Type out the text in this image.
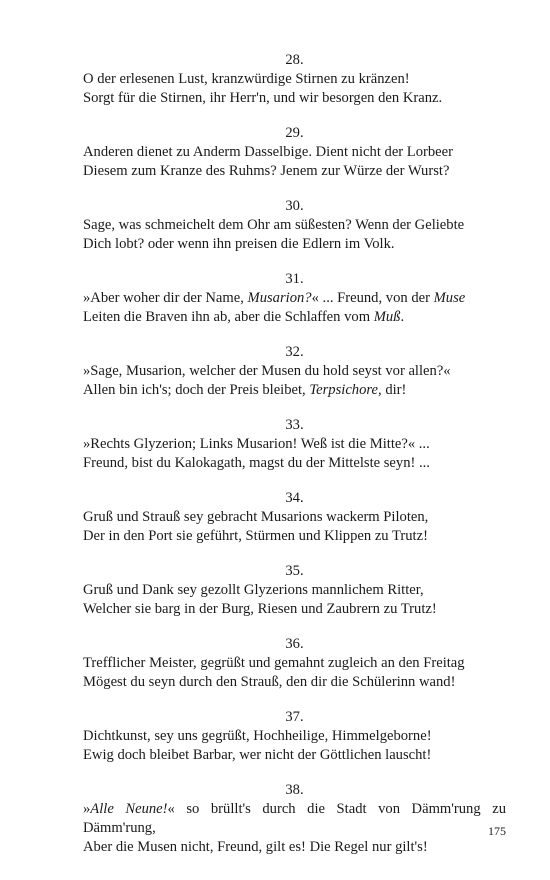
28.
O der erlesenen Lust, kranzwürdige Stirnen zu kränzen!
Sorgt für die Stirnen, ihr Herr'n, und wir besorgen den Kranz.
29.
Anderen dienet zu Anderm Dasselbige. Dient nicht der Lorbeer
Diesem zum Kranze des Ruhms? Jenem zur Würze der Wurst?
30.
Sage, was schmeichelt dem Ohr am süßesten? Wenn der Geliebte
Dich lobt? oder wenn ihn preisen die Edlern im Volk.
31.
»Aber woher dir der Name, Musarion?« ... Freund, von der Muse
Leiten die Braven ihn ab, aber die Schlaffen vom Muß.
32.
»Sage, Musarion, welcher der Musen du hold seyst vor allen?«
Allen bin ich's; doch der Preis bleibet, Terpsichore, dir!
33.
»Rechts Glyzerion; Links Musarion! Weß ist die Mitte?« ...
Freund, bist du Kalokagath, magst du der Mittelste seyn! ...
34.
Gruß und Strauß sey gebracht Musarions wackerm Piloten,
Der in den Port sie geführt, Stürmen und Klippen zu Trutz!
35.
Gruß und Dank sey gezollt Glyzerions mannlichem Ritter,
Welcher sie barg in der Burg, Riesen und Zaubrern zu Trutz!
36.
Trefflicher Meister, gegrüßt und gemahnt zugleich an den Freitag
Mögest du seyn durch den Strauß, den dir die Schülerinn wand!
37.
Dichtkunst, sey uns gegrüßt, Hochheilige, Himmelgeborne!
Ewig doch bleibet Barbar, wer nicht der Göttlichen lauscht!
38.
»Alle Neune!« so brüllt's durch die Stadt von Dämm'rung zu Dämm'rung,
Aber die Musen nicht, Freund, gilt es! Die Regel nur gilt's!
175
